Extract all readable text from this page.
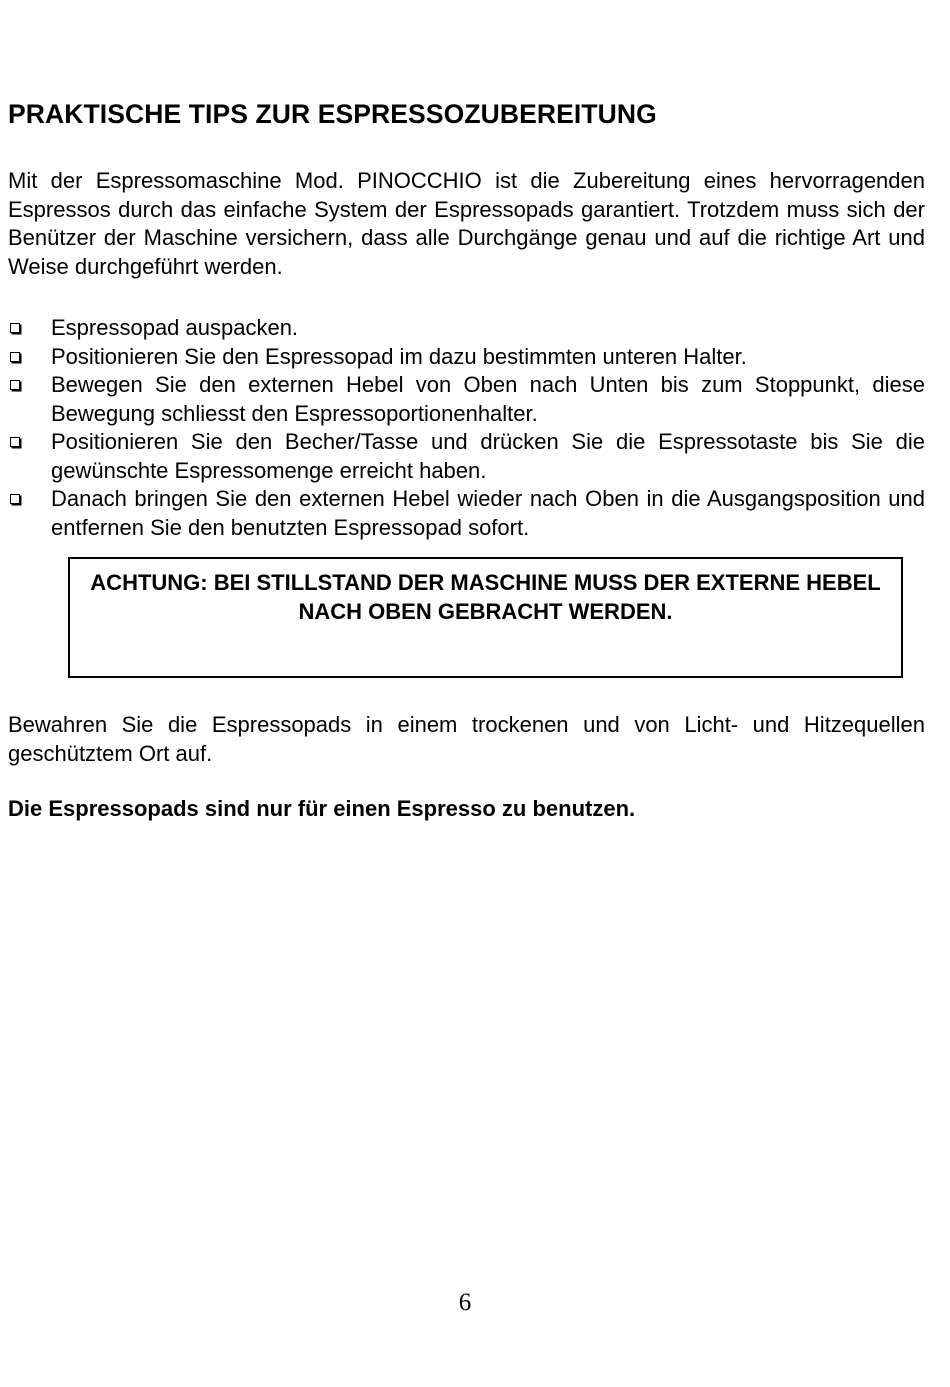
PRAKTISCHE TIPS ZUR ESPRESSOZUBEREITUNG

Mit der Espressomaschine Mod. PINOCCHIO ist die Zubereitung eines hervorragenden Espressos durch das einfache System der Espressopads garantiert. Trotzdem muss sich der Benützer der Maschine versichern, dass alle Durchgänge genau und auf die richtige Art und Weise durchgeführt werden.

Espressopad auspacken.
Positionieren Sie den Espressopad im dazu bestimmten unteren Halter.
Bewegen Sie den externen Hebel von Oben nach Unten bis zum Stoppunkt, diese Bewegung schliesst den Espressoportionenhalter.
Positionieren Sie den Becher/Tasse und drücken Sie die Espressotaste bis Sie die gewünschte Espressomenge erreicht haben.
Danach bringen Sie den externen Hebel wieder nach Oben in die Ausgangsposition und entfernen Sie den benutzten Espressopad sofort.

ACHTUNG: BEI STILLSTAND DER MASCHINE MUSS DER EXTERNE HEBEL NACH OBEN GEBRACHT WERDEN.

Bewahren Sie die Espressopads in einem trockenen und von Licht- und Hitzequellen geschütztem Ort auf.

Die Espressopads sind nur für einen Espresso zu benutzen.

6
